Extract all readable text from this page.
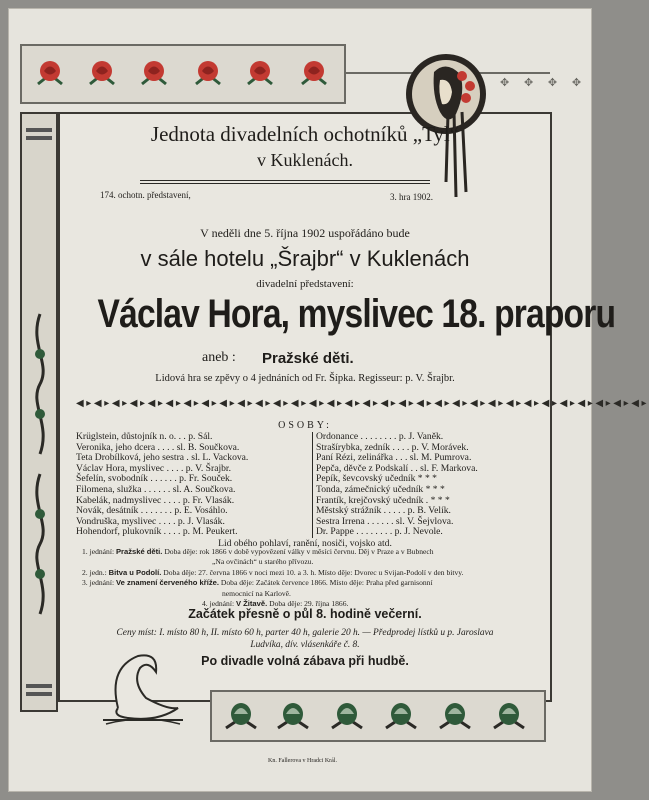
✥ ✥ ✥ ✥
Jednota divadelních ochotníků „Tyl“
v Kuklenách.
174. ochotn. představení,	3. hra 1902.
V neděli dne 5. října 1902 uspořádáno bude
v sále hotelu „Šrajbr“ v Kuklenách
divadelní představení:
Václav Hora, myslivec 18. praporu
aneb : Pražské děti.
Lidová hra se zpěvy o 4 jednáních od Fr. Šípka. Regisseur: p. V. Šrajbr.
◀▸◀▸◀▸◀▸◀▸◀▸◀▸◀▸◀▸◀▸◀▸◀▸◀▸◀▸◀▸◀▸◀▸◀▸◀▸◀▸◀▸◀▸◀▸◀▸◀▸◀▸◀▸◀▸◀▸◀▸◀▸◀▸
OSOBY:
Krüglstein, důstojník n. o. . . p. Sál.
Veronika, jeho dcera . . . . sl. B. Součkova.
Teta Drobílková, jeho sestra . sl. L. Vackova.
Václav Hora, myslivec . . . . p. V. Šrajbr.
Šefelín, svobodník . . . . . . p. Fr. Souček.
Filomena, služka . . . . . . sl. A. Součkova.
Kabelák, nadmyslivec . . . . p. Fr. Vlasák.
Novák, desátník . . . . . . . p. E. Vosáhlo.
Vondruška, myslivec . . . . p. J. Vlasák.
Hohendorf, plukovník . . . . p. M. Peukert.
Ordonance . . . . . . . . p. J. Vaněk.
Strašírybka, zedník . . . . p. V. Morávek.
Paní Rézi, zelinářka . . . sl. M. Pumrova.
Pepča, děvče z Podskalí . . sl. F. Markova.
Pepík, ševcovský učedník * * *
Tonda, zámečnický učedník * * *
Frantík, krejčovský učedník . * * *
Městský strážník . . . . . p. B. Velík.
Sestra Irrena . . . . . . sl. V. Šejvlova.
Dr. Pappe . . . . . . . . p. J. Nevole.
Lid obého pohlaví, ranění, nosiči, vojsko atd.
1. jednání: Pražské děti. Doba děje: rok 1866 v době vypovězení války v měsíci červnu. Děj v Praze a v Bubnech
„Na ovčinách“ u starého přívozu.
2. jedn.: Bitva u Podolí. Doba děje: 27. června 1866 v noci mezi 10. a 3. h. Místo děje: Dvorec u Svijan-Podolí v den bitvy.
3. jednání: Ve znamení červeného kříže. Doba děje: Začátek července 1866. Místo děje: Praha před garnisonní
nemocnicí na Karlově.
4. jednání: V Žitavě. Doba děje: 29. října 1866.
Začátek přesně o půl 8. hodině večerní.
Ceny míst: I. místo 80 h, II. místo 60 h, parter 40 h, galerie 20 h. — Předprodej lístků u p. Jaroslava
Ludvíka, dív. vlásenkáře č. 8.
Po divadle volná zábava při hudbě.
Kn. Fallerova v Hradci Král.
